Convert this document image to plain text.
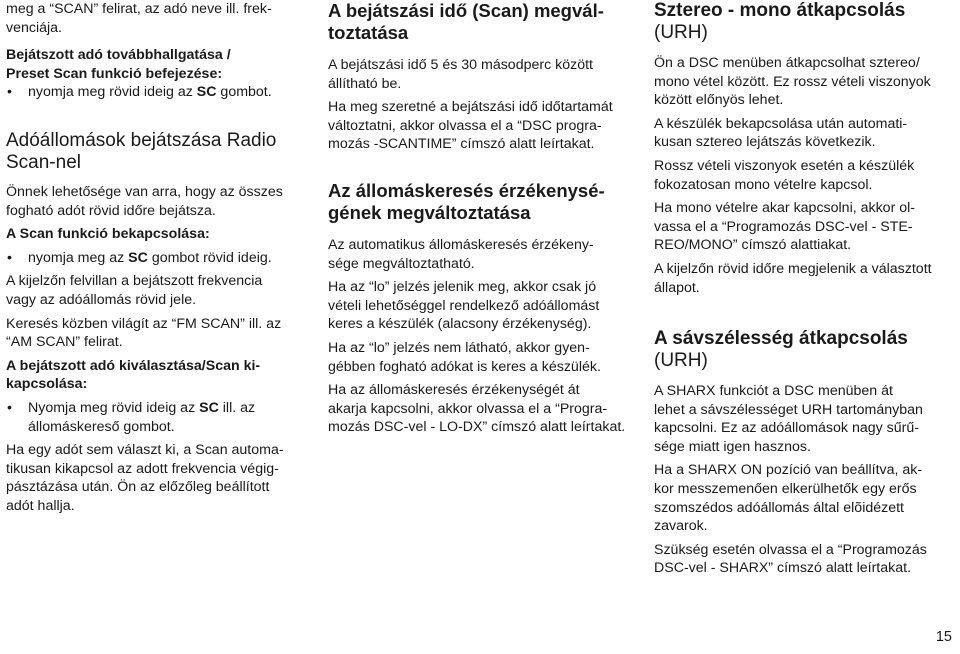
meg a “SCAN” felirat, az adó neve ill. frek-
venciája.

Bejátszott adó továbbhallgatása /
Preset Scan funkció befejezése:

• nyomja meg rövid ideig az SC gombot.

Adóállomások bejátszása Radio
Scan-nel

Önnek lehetősége van arra, hogy az összes
fogható adót rövid időre bejátsza.

A Scan funkció bekapcsolása:

• nyomja meg az SC gombot rövid ideig.

A kijelzőn felvillan a bejátszott frekvencia
vagy az adóállomás rövid jele.

Keresés közben világít az “FM SCAN” ill. az
“AM SCAN” felirat.

A bejátszott adó kiválasztása/Scan ki-
kapcsolása:

• Nyomja meg rövid ideig az SC ill. az
állomáskereső gombot.

Ha egy adót sem választ ki, a Scan automa-
tikusan kikapcsol az adott frekvencia végig-
pásztázása után. Ön az előzőleg beállított
adót hallja.

A bejátszási idő (Scan) megvál-
toztatása

A bejátszási idő 5 és 30 másodperc között
állítható be.

Ha meg szeretné a bejátszási idő időtartamát
változtatni, akkor olvassa el a “DSC progra-
mozás -SCANTIME” címszó alatt leírtakat.

Az állomáskeresés érzékenysé-
gének megváltoztatása

Az automatikus állomáskeresés érzékeny-
sége megváltoztatható.

Ha az “lo” jelzés jelenik meg, akkor csak jó
vételi lehetőséggel rendelkező adóállomást
keres a készülék (alacsony érzékenység).

Ha az “lo” jelzés nem látható, akkor gyen-
gébben fogható adókat is keres a készülék.

Ha az állomáskeresés érzékenységét át
akarja kapcsolni, akkor olvassa el a “Progra-
mozás DSC-vel - LO-DX” címszó alatt leírtakat.

Sztereo - mono átkapcsolás
(URH)

Ön a DSC menüben átkapcsolhat sztereo/
mono vétel között. Ez rossz vételi viszonyok
között előnyös lehet.

A készülék bekapcsolása után automati-
kusan sztereo lejátszás következik.

Rossz vételi viszonyok esetén a készülék
fokozatosan mono vételre kapcsol.

Ha mono vételre akar kapcsolni, akkor ol-
vassa el a “Programozás DSC-vel - STE-
REO/MONO” címszó alattiakat.

A kijelzőn rövid időre megjelenik a választott
állapot.

A sávszélesség átkapcsolás
(URH)

A SHARX funkciót a DSC menüben át
lehet a sávszélességet URH tartományban
kapcsolni. Ez az adóállomások nagy sűrű-
sége miatt igen hasznos.

Ha a SHARX ON pozíció van beállítva, ak-
kor messzemenően elkerülhetők egy erős
szomszédos adóállomás által elõidézett
zavarok.

Szükség esetén olvassa el a “Programozás
DSC-vel - SHARX” címszó alatt leírtakat.

15
